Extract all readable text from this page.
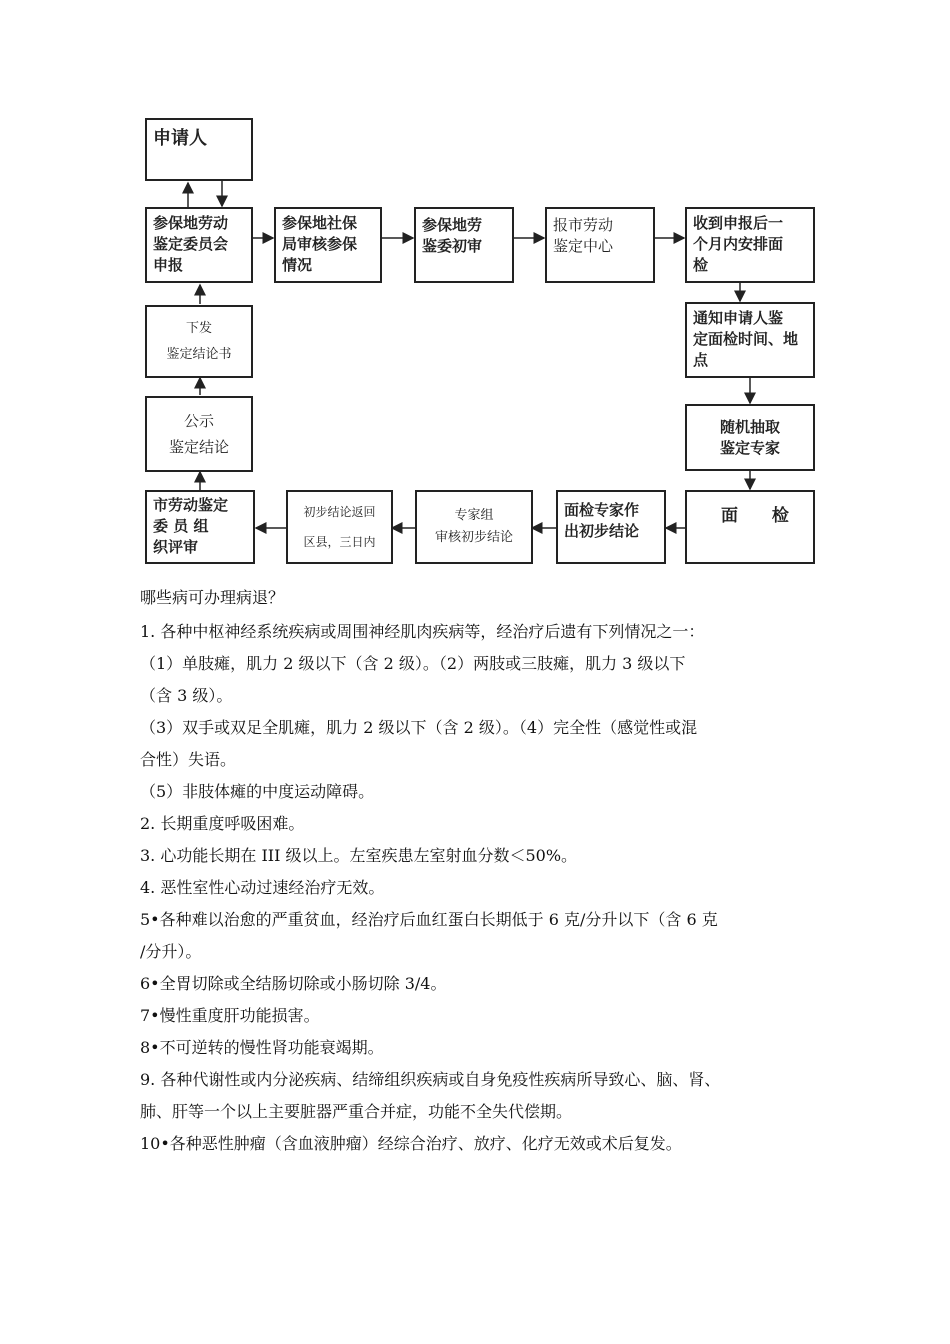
申请人
参保地劳动
鉴定委员会
申报
参保地社保
局审核参保
情况
参保地劳
鉴委初审
报市劳动
鉴定中心
收到申报后一
个月内安排面
检
通知申请人鉴
定面检时间、地
点
随机抽取
鉴定专家
面 检
面检专家作
出初步结论
专家组
审核初步结论
初步结论返回
区县，三日内
市劳动鉴定
委 员 组
织评审
公示
鉴定结论
下发
鉴定结论书

哪些病可办理病退？

1. 各种中枢神经系统疾病或周围神经肌肉疾病等，经治疗后遗有下列情况之一：

（1）单肢瘫，肌力 2 级以下（含 2 级）。（2）两肢或三肢瘫，肌力 3 级以下

（含 3 级）。

（3）双手或双足全肌瘫，肌力 2 级以下（含 2 级）。（4）完全性（感觉性或混

合性）失语。

（5）非肢体瘫的中度运动障碍。

2. 长期重度呼吸困难。

3. 心功能长期在 III 级以上。左室疾患左室射血分数＜50%。

4. 恶性室性心动过速经治疗无效。

5•各种难以治愈的严重贫血，经治疗后血红蛋白长期低于 6 克/分升以下（含 6 克

/分升）。

6•全胃切除或全结肠切除或小肠切除 3/4。

7•慢性重度肝功能损害。

8•不可逆转的慢性肾功能衰竭期。

9. 各种代谢性或内分泌疾病、结缔组织疾病或自身免疫性疾病所导致心、脑、肾、

肺、肝等一个以上主要脏器严重合并症，功能不全失代偿期。

10•各种恶性肿瘤（含血液肿瘤）经综合治疗、放疗、化疗无效或术后复发。
